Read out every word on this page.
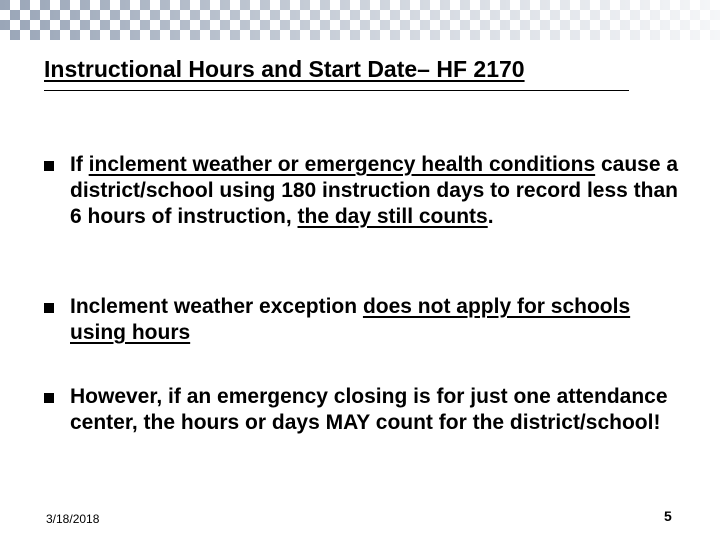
Instructional Hours and Start Date– HF 2170

If inclement weather or emergency health conditions cause a district/school using 180 instruction days to record less than 6 hours of instruction, the day still counts.

Inclement weather exception does not apply for schools using hours

However, if an emergency closing is for just one attendance center, the hours or days MAY count for the district/school!

3/18/2018	5
